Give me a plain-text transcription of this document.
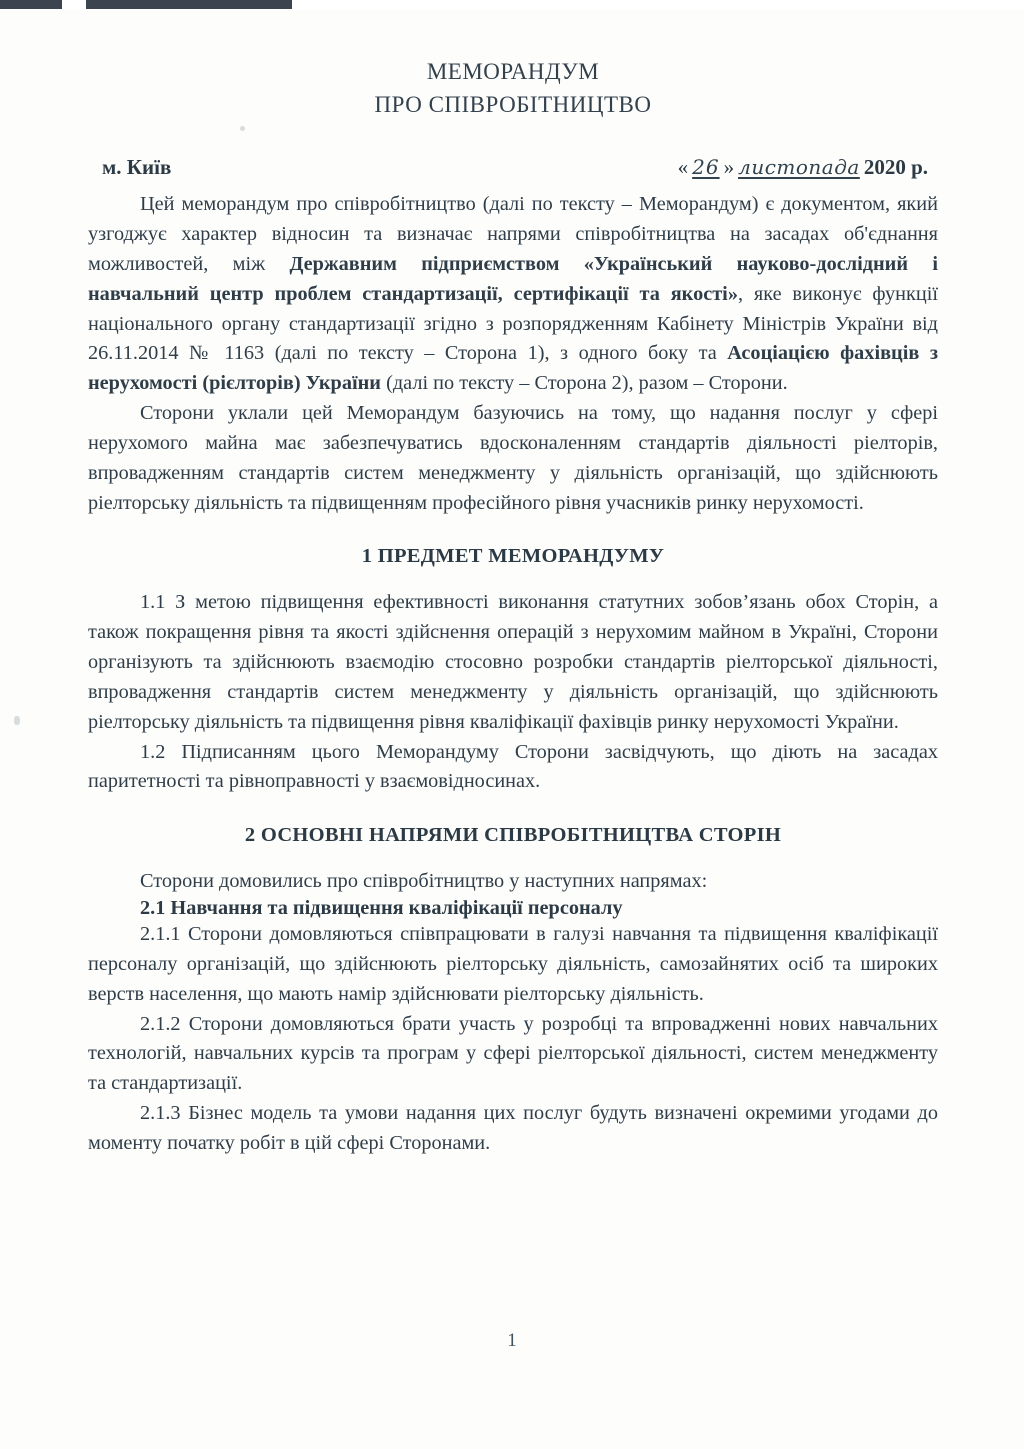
МЕМОРАНДУМ
ПРО СПІВРОБІТНИЦТВО
м. Київ	« 26 » листопада 2020 р.

Цей меморандум про співробітництво (далі по тексту – Меморандум) є документом, який узгоджує характер відносин та визначає напрями співробітництва на засадах об'єднання можливостей, між Державним підприємством «Український науково-дослідний і навчальний центр проблем стандартизації, сертифікації та якості», яке виконує функції національного органу стандартизації згідно з розпорядженням Кабінету Міністрів України від 26.11.2014 № 1163 (далі по тексту – Сторона 1), з одного боку та Асоціацією фахівців з нерухомості (рієлторів) України (далі по тексту – Сторона 2), разом – Сторони.

Сторони уклали цей Меморандум базуючись на тому, що надання послуг у сфері нерухомого майна має забезпечуватись вдосконаленням стандартів діяльності ріелторів, впровадженням стандартів систем менеджменту у діяльність організацій, що здійснюють ріелторську діяльність та підвищенням професійного рівня учасників ринку нерухомості.

1 ПРЕДМЕТ МЕМОРАНДУМУ

1.1 З метою підвищення ефективності виконання статутних зобов’язань обох Сторін, а також покращення рівня та якості здійснення операцій з нерухомим майном в Україні, Сторони організують та здійснюють взаємодію стосовно розробки стандартів ріелторської діяльності, впровадження стандартів систем менеджменту у діяльність організацій, що здійснюють ріелторську діяльність та підвищення рівня кваліфікації фахівців ринку нерухомості України.

1.2 Підписанням цього Меморандуму Сторони засвідчують, що діють на засадах паритетності та рівноправності у взаємовідносинах.

2 ОСНОВНІ НАПРЯМИ СПІВРОБІТНИЦТВА СТОРІН

Сторони домовились про співробітництво у наступних напрямах:

2.1 Навчання та підвищення кваліфікації персоналу

2.1.1 Сторони домовляються співпрацювати в галузі навчання та підвищення кваліфікації персоналу організацій, що здійснюють ріелторську діяльність, самозайнятих осіб та широких верств населення, що мають намір здійснювати ріелторську діяльність.

2.1.2 Сторони домовляються брати участь у розробці та впровадженні нових навчальних технологій, навчальних курсів та програм у сфері ріелторської діяльності, систем менеджменту та стандартизації.

2.1.3 Бізнес модель та умови надання цих послуг будуть визначені окремими угодами до моменту початку робіт в цій сфері Сторонами.

1
